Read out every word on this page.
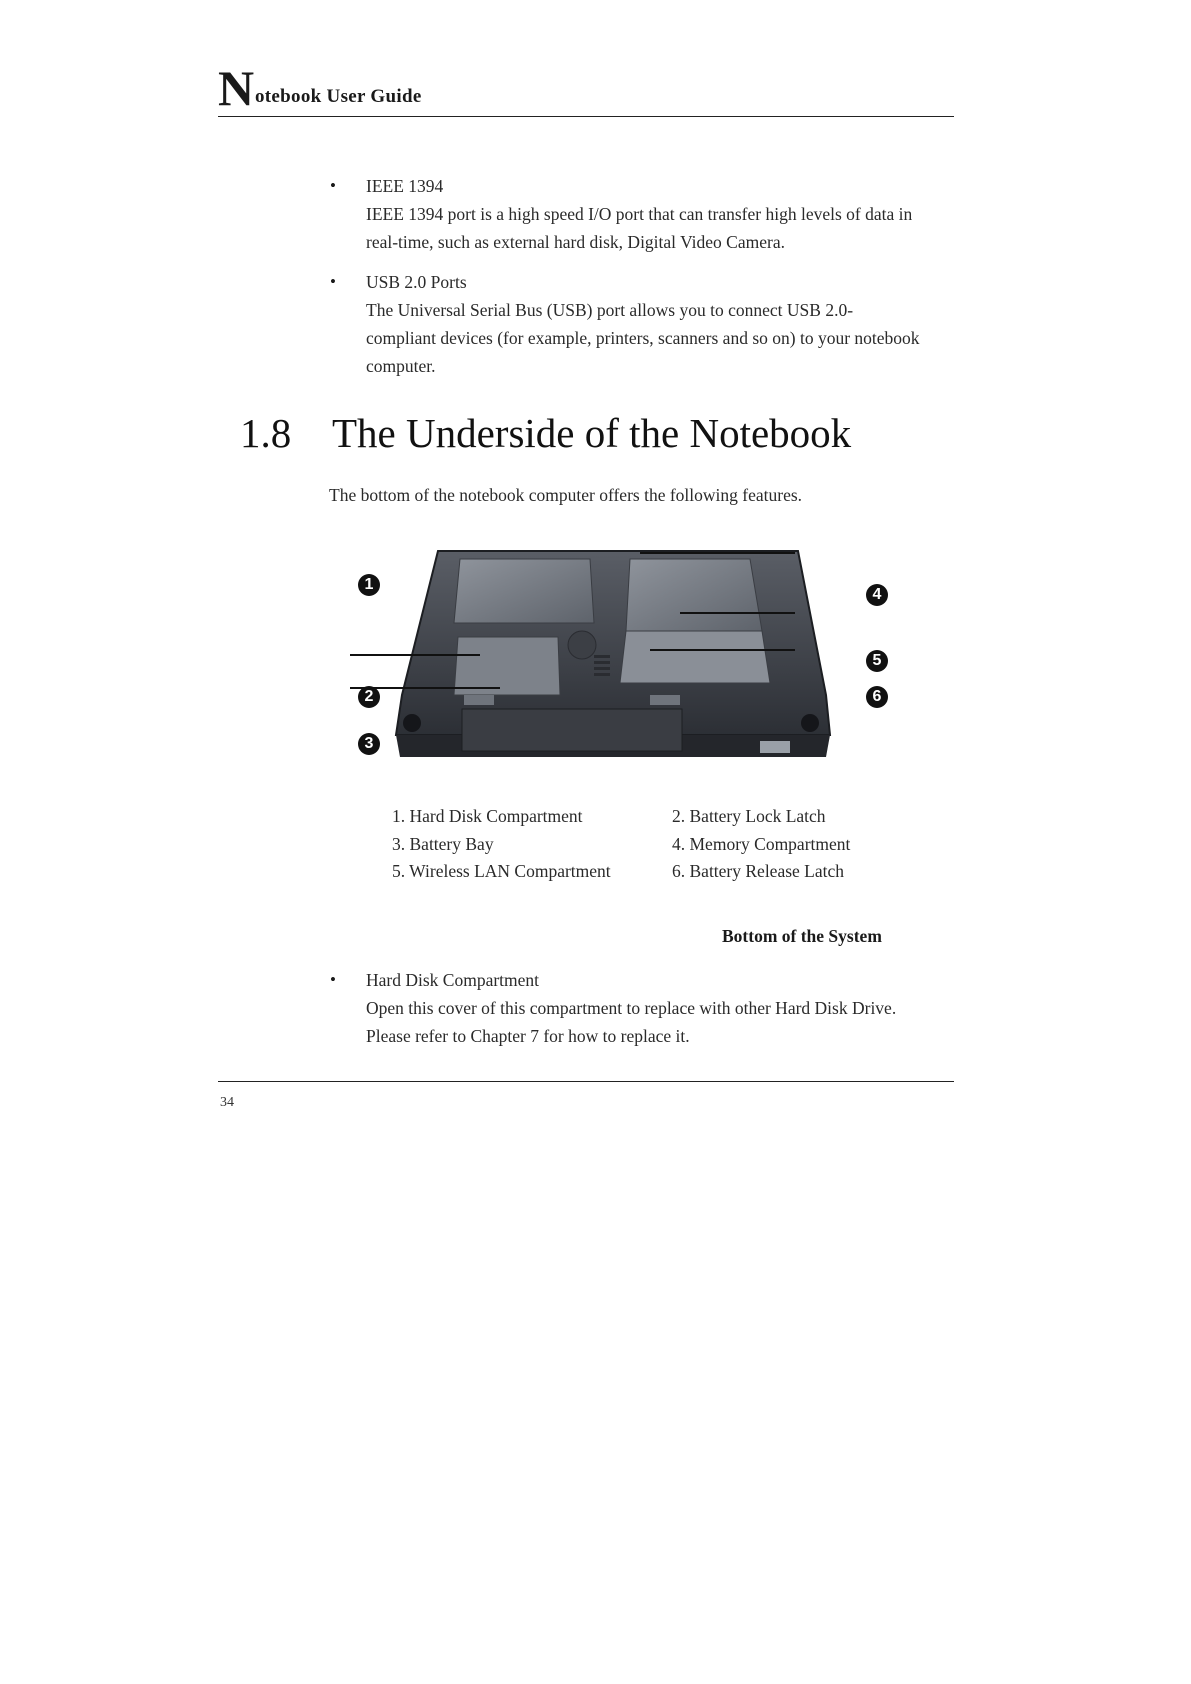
N otebook User Guide
•	IEEE 1394
IEEE 1394 port is a high speed I/O port that can transfer high levels of data in real-time, such as external hard disk, Digital Video Camera.
•	USB 2.0 Ports
The Universal Serial Bus (USB) port allows you to connect USB 2.0-compliant devices (for example, printers, scanners and so on) to your notebook computer.
1.8 The Underside of the Notebook
The bottom of the notebook computer offers the following features.
1
2
3
4
5
6
1. Hard Disk Compartment	2. Battery Lock Latch
3. Battery Bay	4. Memory Compartment
5. Wireless LAN Compartment	6. Battery Release Latch
Bottom of the System
•	Hard Disk Compartment
Open this cover of this compartment to replace with other Hard Disk Drive. Please refer to Chapter 7 for how to replace it.
34
